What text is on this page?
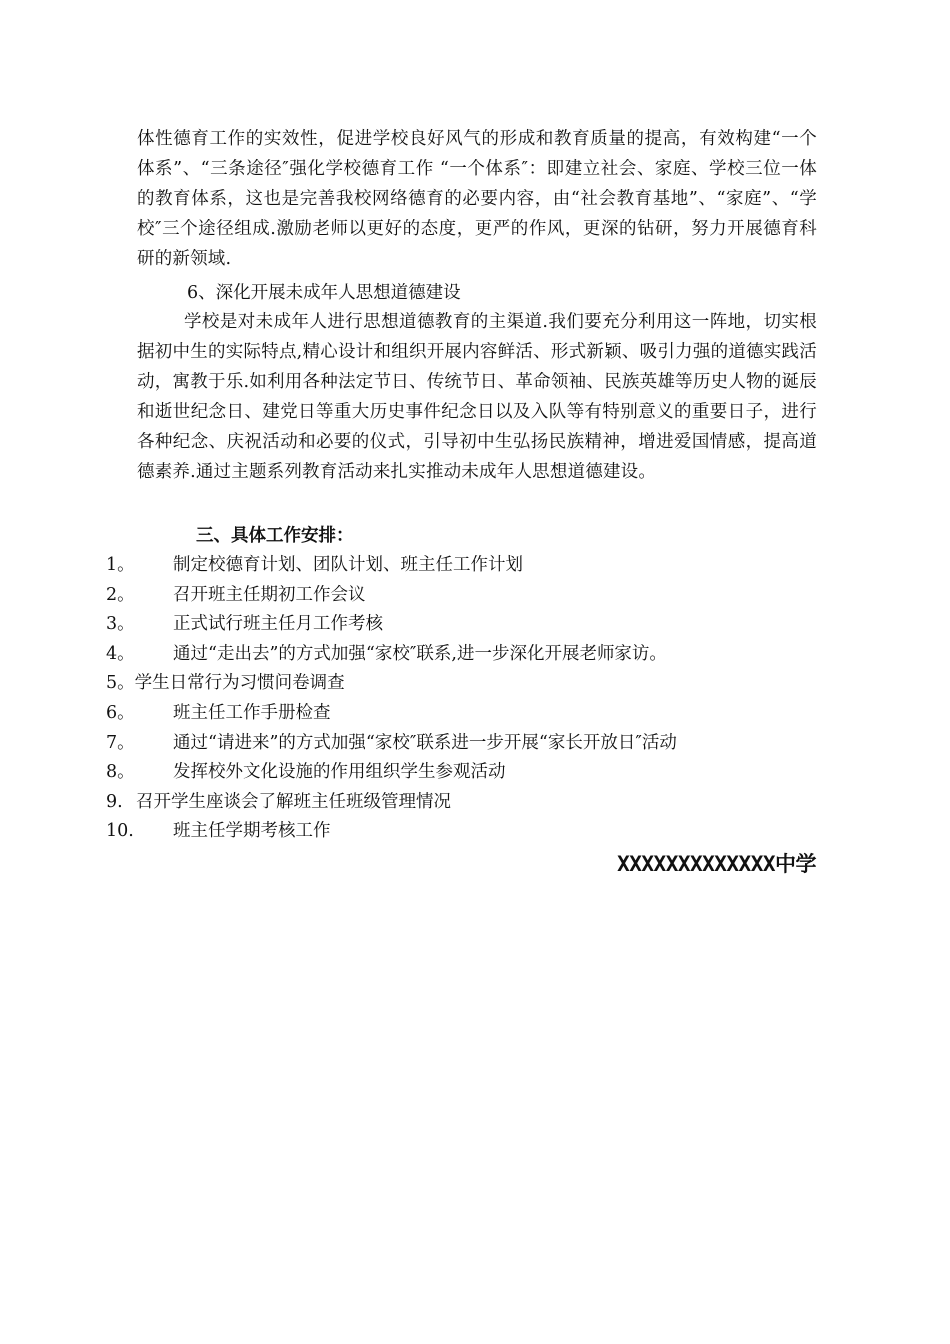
体性德育工作的实效性，促进学校良好风气的形成和教育质量的提高，有效构建“一个体系”、“三条途径″强化学校德育工作 “一个体系″：即建立社会、家庭、学校三位一体的教育体系，这也是完善我校网络德育的必要内容，由“社会教育基地”、“家庭”、“学校″三个途径组成.激励老师以更好的态度，更严的作风，更深的钻研，努力开展德育科研的新领域.
6、深化开展未成年人思想道德建设
学校是对未成年人进行思想道德教育的主渠道.我们要充分利用这一阵地，切实根据初中生的实际特点,精心设计和组织开展内容鲜活、形式新颖、吸引力强的道德实践活动，寓教于乐.如利用各种法定节日、传统节日、革命领袖、民族英雄等历史人物的诞辰和逝世纪念日、建党日等重大历史事件纪念日以及入队等有特别意义的重要日子，进行各种纪念、庆祝活动和必要的仪式，引导初中生弘扬民族精神，增进爱国情感，提高道德素养.通过主题系列教育活动来扎实推动未成年人思想道德建设。
三、具体工作安排：
1。 制定校德育计划、团队计划、班主任工作计划
2。 召开班主任期初工作会议
3。 正式试行班主任月工作考核
4。 通过“走出去”的方式加强“家校″联系,进一步深化开展老师家访。
5。学生日常行为习惯问卷调查
6。 班主任工作手册检查
7。 通过“请进来”的方式加强“家校″联系进一步开展“家长开放日″活动
8。 发挥校外文化设施的作用组织学生参观活动
9.召开学生座谈会了解班主任班级管理情况
10. 班主任学期考核工作
XXXXXXXXXXXXX中学
